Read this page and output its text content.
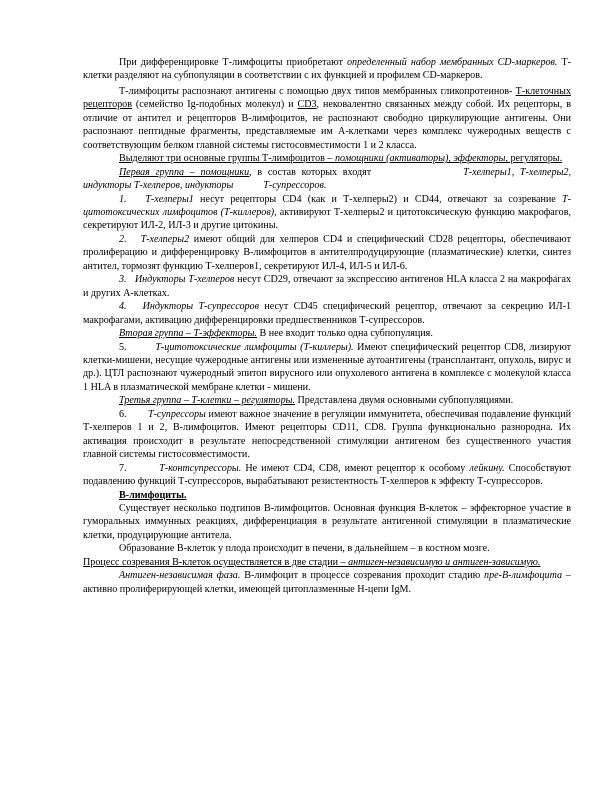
При дифференцировке Т-лимфоциты приобретают определенный набор мембранных CD-маркеров. Т-клетки разделяют на субпопуляции в соответствии с их функцией и профилем CD-маркеров.

Т-лимфоциты распознают антигены с помощью двух типов мембранных гликопротеинов- Т-клеточных рецепторов (семейство Ig-подобных молекул) и CD3, нековалентно связанных между собой. Их рецепторы, в отличие от антител и рецепторов В-лимфоцитов, не распознают свободно циркулирующие антигены. Они распознают пептидные фрагменты, представляемые им А-клетками через комплекс чужеродных веществ с соответствующим белком главной системы гистосовместимости 1 и 2 класса.

Выделяют три основные группы Т-лимфоцитов – помощники (активаторы), эффекторы, регуляторы.

Первая группа – помощники, в состав которых входят	Т-хелперы1, Т-хелперы2, индукторы Т-хелперов, индукторы	Т-супрессоров.

1. Т-хелперы1 несут рецепторы CD4 (как и Т-хелперы2) и CD44, отвечают за созревание Т-цитотоксических лимфоцитов (Т-киллеров), активируют Т-хелперы2 и цитотоксическую функцию макрофагов, секретируют ИЛ-2, ИЛ-3 и другие цитокины.

2. Т-хелперы2 имеют общий для хелперов CD4 и специфический CD28 рецепторы, обеспечивают пролиферацию и дифференцировку В-лимфоцитов в антителпродуцирующие (плазматические) клетки, синтез антител, тормозят функцию Т-хелперов1, секретируют ИЛ-4, ИЛ-5 и ИЛ-6.

3. Индукторы Т-хелперов несут CD29, отвечают за экспрессию антигенов HLA класса 2 на макрофагах и других А-клетках.

4. Индукторы Т-супрессоров несут CD45 специфический рецептор, отвечают за секрецию ИЛ-1 макрофагами, активацию дифференцировки предшественников Т-супрессоров.

Вторая группа – Т-эффекторы. В нее входит только одна субпопуляция.

5.	Т-цитотоксические лимфоциты (Т-киллеры). Имеют специфический рецептор CD8, лизируют клетки-мишени, несущие чужеродные антигены или измененные аутоантигены (трансплантант, опухоль, вирус и др.). ЦТЛ распознают чужеродный эпитоп вирусного или опухолевого антигена в комплексе с молекулой класса 1 HLA в плазматической мембране клетки - мишени.

Третья группа – Т-клетки – регуляторы. Представлена двумя основными субпопуляциями.

6. Т-супрессоры имеют важное значение в регуляции иммунитета, обеспечивая подавление функций Т-хелперов 1 и 2, В-лимфоцитов. Имеют рецепторы CD11, CD8. Группа функционально разнородна. Их активация происходит в результате непосредственной стимуляции антигеном без существенного участия главной системы гистосовместимости.

7.	Т-контсупрессоры. Не имеют CD4, CD8, имеют рецептор к особому лейкину. Способствуют подавлению функций Т-супрессоров, вырабатывают резистентность Т-хелперов к эффекту Т-супрессоров.

В-лимфоциты.

Существует несколько подтипов В-лимфоцитов. Основная функция В-клеток – эффекторное участие в гуморальных иммунных реакциях, дифференциация в результате антигенной стимуляции в плазматические клетки, продуцирующие антитела.

Образование В-клеток у плода происходит в печени, в дальнейшем – в костном мозге.

Процесс созревания В-клеток осуществляется в две стадии – антиген-независимую и антиген-зависимую.

Антиген-независимая фаза. В-лимфоцит в процессе созревания проходит стадию пре-В-лимфоцита – активно пролиферирующей клетки, имеющей цитоплазменные Н-цепи IgM.
